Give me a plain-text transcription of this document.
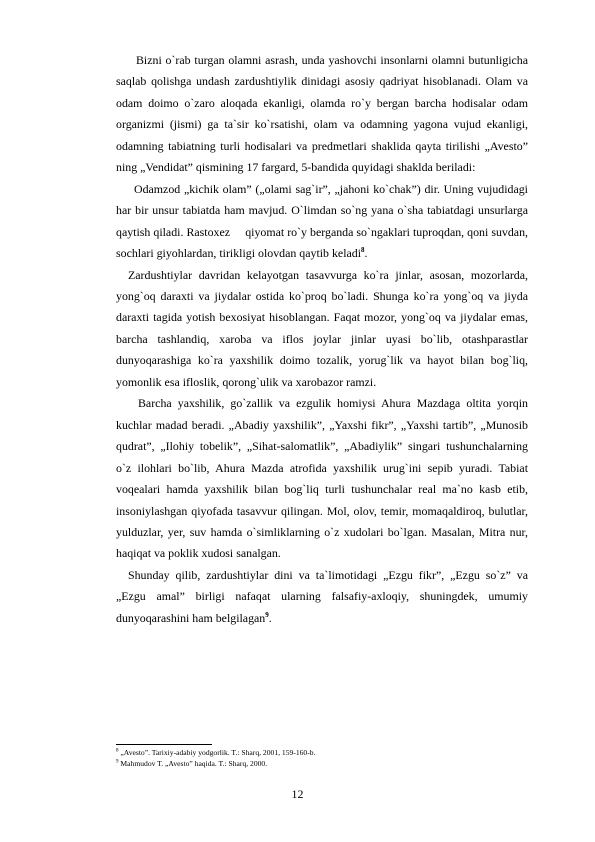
Bizni o`rab turgan olamni asrash, unda yashovchi insonlarni olamni butunligicha saqlab qolishga undash zardushtiylik dinidagi asosiy qadriyat hisoblanadi. Olam va odam doimo o`zaro aloqada ekanligi, olamda ro`y bergan barcha hodisalar odam organizmi (jismi) ga ta`sir ko`rsatishi, olam va odamning yagona vujud ekanligi, odamning tabiatning turli hodisalari va predmetlari shaklida qayta tirilishi „Avesto” ning „Vendidat” qismining 17 fargard, 5-bandida quyidagi shaklda beriladi:

Odamzod „kichik olam” („olami sag`ir”, „jahoni ko`chak”) dir. Uning vujudidagi har bir unsur tabiatda ham mavjud. O`limdan so`ng yana o`sha tabiatdagi unsurlarga qaytish qiladi. Rastoxez     qiyomat ro`y berganda so`ngaklari tuproqdan, qoni suvdan, sochlari giyohlardan, tirikligi olovdan qaytib keladi$^8$.

Zardushtiylar davridan kelayotgan tasavvurga ko`ra jinlar, asosan, mozorlarda, yong`oq daraxti va jiydalar ostida ko`proq bo`ladi. Shunga ko`ra yong`oq va jiyda daraxti tagida yotish bexosiyat hisoblangan. Faqat mozor, yong`oq va jiydalar emas, barcha tashlandiq, xaroba va iflos joylar jinlar uyasi bo`lib, otashparastlar dunyoqarashiga ko`ra yaxshilik doimo tozalik, yorug`lik va hayot bilan bog`liq, yomonlik esa ifloslik, qorong`ulik va xarobazor ramzi.

Barcha yaxshilik, go`zallik va ezgulik homiysi Ahura Mazdaga oltita yorqin kuchlar madad beradi. „Abadiy yaxshilik”, „Yaxshi fikr”, „Yaxshi tartib”, „Munosib qudrat”, „Ilohiy tobelik”, „Sihat-salomatlik”, „Abadiylik” singari tushunchalarning o`z ilohlari bo`lib, Ahura Mazda atrofida yaxshilik urug`ini sepib yuradi. Tabiat voqealari hamda yaxshilik bilan bog`liq turli tushunchalar real ma`no kasb etib, insoniylashgan qiyofada tasavvur qilingan. Mol, olov, temir, momaqaldiroq, bulutlar, yulduzlar, yer, suv hamda o`simliklarning o`z xudolari bo`lgan. Masalan, Mitra nur, haqiqat va poklik xudosi sanalgan.

Shunday qilib, zardushtiylar dini va ta`limotidagi „Ezgu fikr”, „Ezgu so`z” va „Ezgu amal” birligi nafaqat ularning falsafiy-axloqiy, shuningdek, umumiy dunyoqarashini ham belgilagan$^9$.

$^8$ „Avesto”. Tarixiy-adabiy yodgorlik. T.: Sharq, 2001, 159-160-b.
$^9$ Mahmudov T. „Avesto” haqida. T.: Sharq, 2000.
12
